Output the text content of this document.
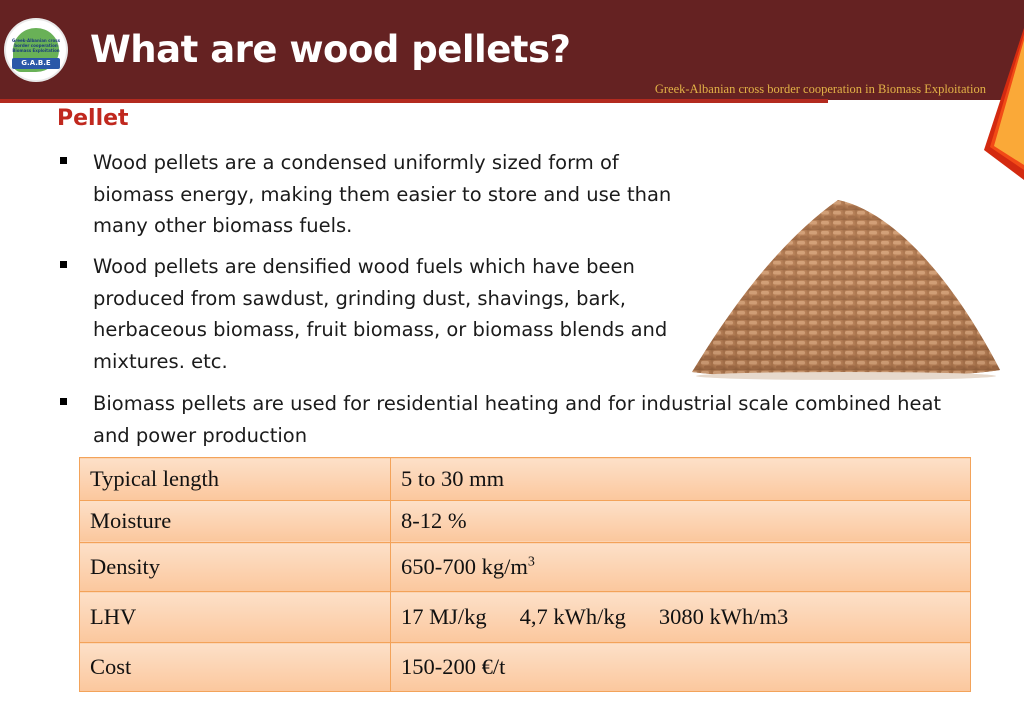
Greek-Albanian cross border cooperation Biomass Exploitation
G.A.B.E What are wood pellets?
Greek-Albanian cross border cooperation in Biomass Exploitation
Pellet
Wood pellets are a condensed uniformly sized form of biomass energy, making them easier to store and use than many other biomass fuels.
Wood pellets are densified wood fuels which have been produced from sawdust, grinding dust, shavings, bark, herbaceous biomass, fruit biomass, or biomass blends and mixtures. etc.
Biomass pellets are used for residential heating and for industrial scale combined heat and power production
Typical length	5 to 30 mm
Moisture	8-12 %
Density	650-700 $kg/m^3$
LHV	17 MJ/kg 4,7 kWh/kg 3080 kWh/m3
Cost	150-200 €/t
